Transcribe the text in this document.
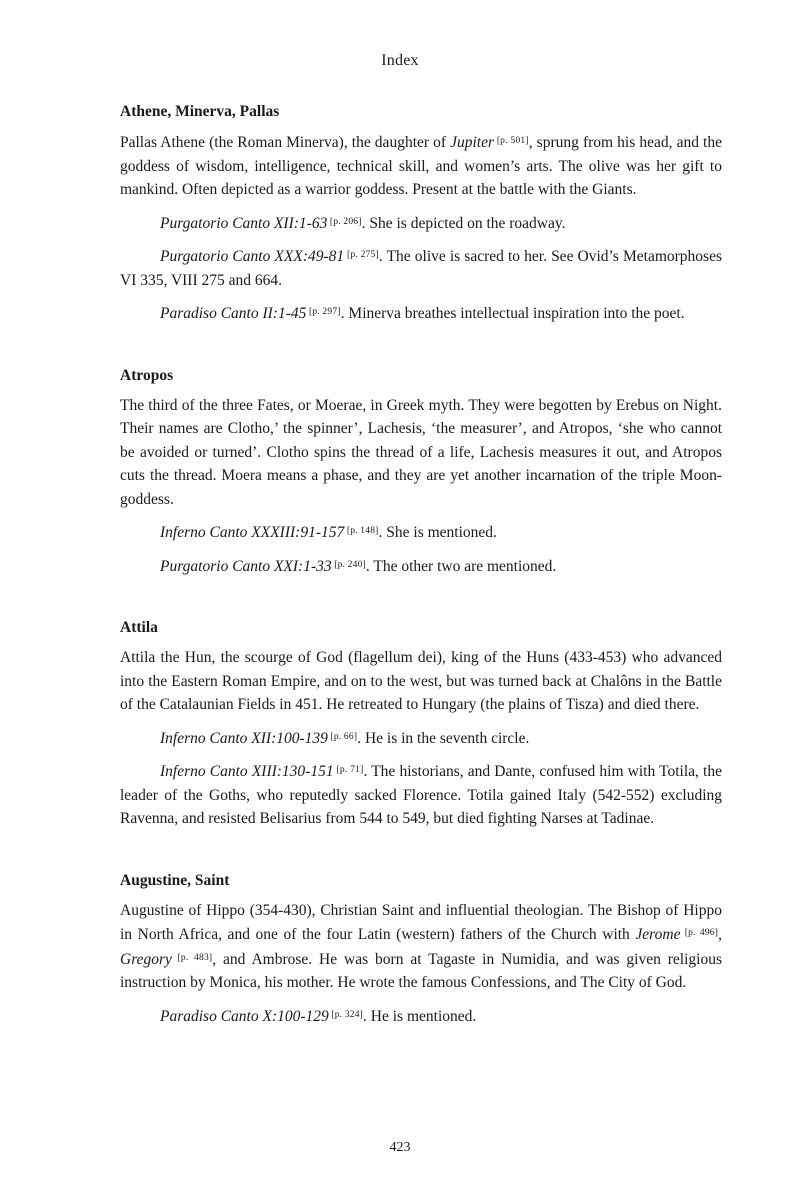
Index
Athene, Minerva, Pallas

Pallas Athene (the Roman Minerva), the daughter of Jupiter [p. 501], sprung from his head, and the goddess of wisdom, intelligence, technical skill, and women’s arts. The olive was her gift to mankind. Often depicted as a warrior goddess. Present at the battle with the Giants.

Purgatorio Canto XII:1-63 [p. 206]. She is depicted on the roadway.

Purgatorio Canto XXX:49-81 [p. 275]. The olive is sacred to her. See Ovid’s Metamorphoses VI 335, VIII 275 and 664.

Paradiso Canto II:1-45 [p. 297]. Minerva breathes intellectual inspiration into the poet.

Atropos

The third of the three Fates, or Moerae, in Greek myth. They were begotten by Erebus on Night. Their names are Clotho,’ the spinner’, Lachesis, ‘the measurer’, and Atropos, ‘she who cannot be avoided or turned’. Clotho spins the thread of a life, Lachesis measures it out, and Atropos cuts the thread. Moera means a phase, and they are yet another incarnation of the triple Moon-goddess.

Inferno Canto XXXIII:91-157 [p. 148]. She is mentioned.

Purgatorio Canto XXI:1-33 [p. 240]. The other two are mentioned.

Attila

Attila the Hun, the scourge of God (flagellum dei), king of the Huns (433-453) who advanced into the Eastern Roman Empire, and on to the west, but was turned back at Chalôns in the Battle of the Catalaunian Fields in 451. He retreated to Hungary (the plains of Tisza) and died there.

Inferno Canto XII:100-139 [p. 66]. He is in the seventh circle.

Inferno Canto XIII:130-151 [p. 71]. The historians, and Dante, confused him with Totila, the leader of the Goths, who reputedly sacked Florence. Totila gained Italy (542-552) excluding Ravenna, and resisted Belisarius from 544 to 549, but died fighting Narses at Tadinae.

Augustine, Saint

Augustine of Hippo (354-430), Christian Saint and influential theologian. The Bishop of Hippo in North Africa, and one of the four Latin (western) fathers of the Church with Jerome [p. 496], Gregory [p. 483], and Ambrose. He was born at Tagaste in Numidia, and was given religious instruction by Monica, his mother. He wrote the famous Confessions, and The City of God.

Paradiso Canto X:100-129 [p. 324]. He is mentioned.

423
